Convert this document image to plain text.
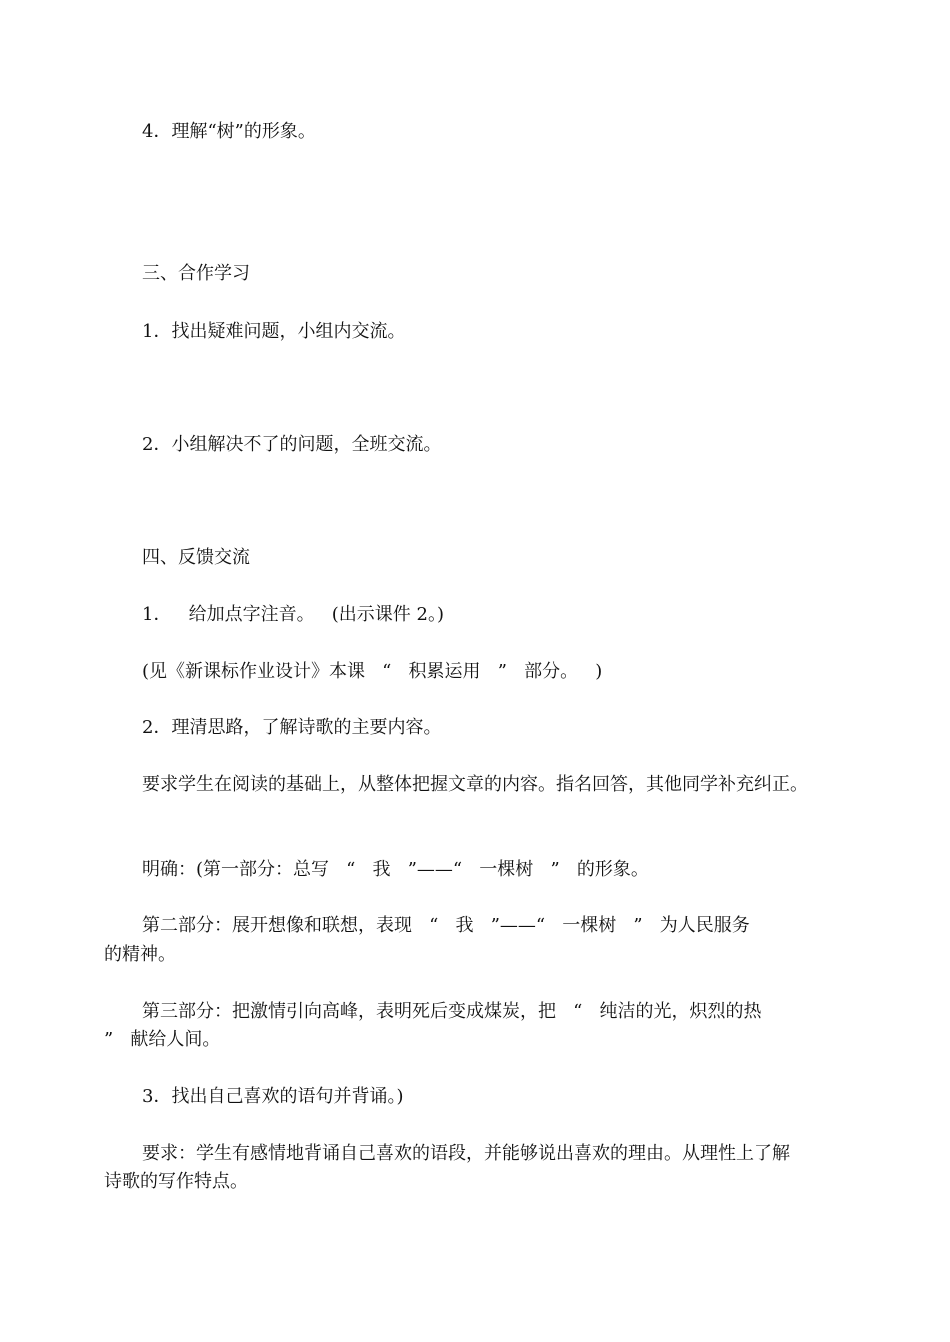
4．理解“树”的形象。
三、合作学习
1．找出疑难问题，小组内交流。
2．小组解决不了的问题，全班交流。
四、反馈交流
1．   给加点字注音。   (出示课件 2。)
(见《新课标作业设计》本课   “   积累运用   ”   部分。   )
2．理清思路，了解诗歌的主要内容。
要求学生在阅读的基础上，从整体把握文章的内容。指名回答，其他同学补充纠正。
明确：(第一部分：总写   “   我   ”——“   一棵树   ”   的形象。
第二部分：展开想像和联想，表现   “   我   ”——“   一棵树   ”   为人民服务
的精神。
第三部分：把激情引向高峰，表明死后变成煤炭，把   “   纯洁的光，炽烈的热
”   献给人间。
3．找出自己喜欢的语句并背诵。)
要求：学生有感情地背诵自己喜欢的语段，并能够说出喜欢的理由。从理性上了解
诗歌的写作特点。
